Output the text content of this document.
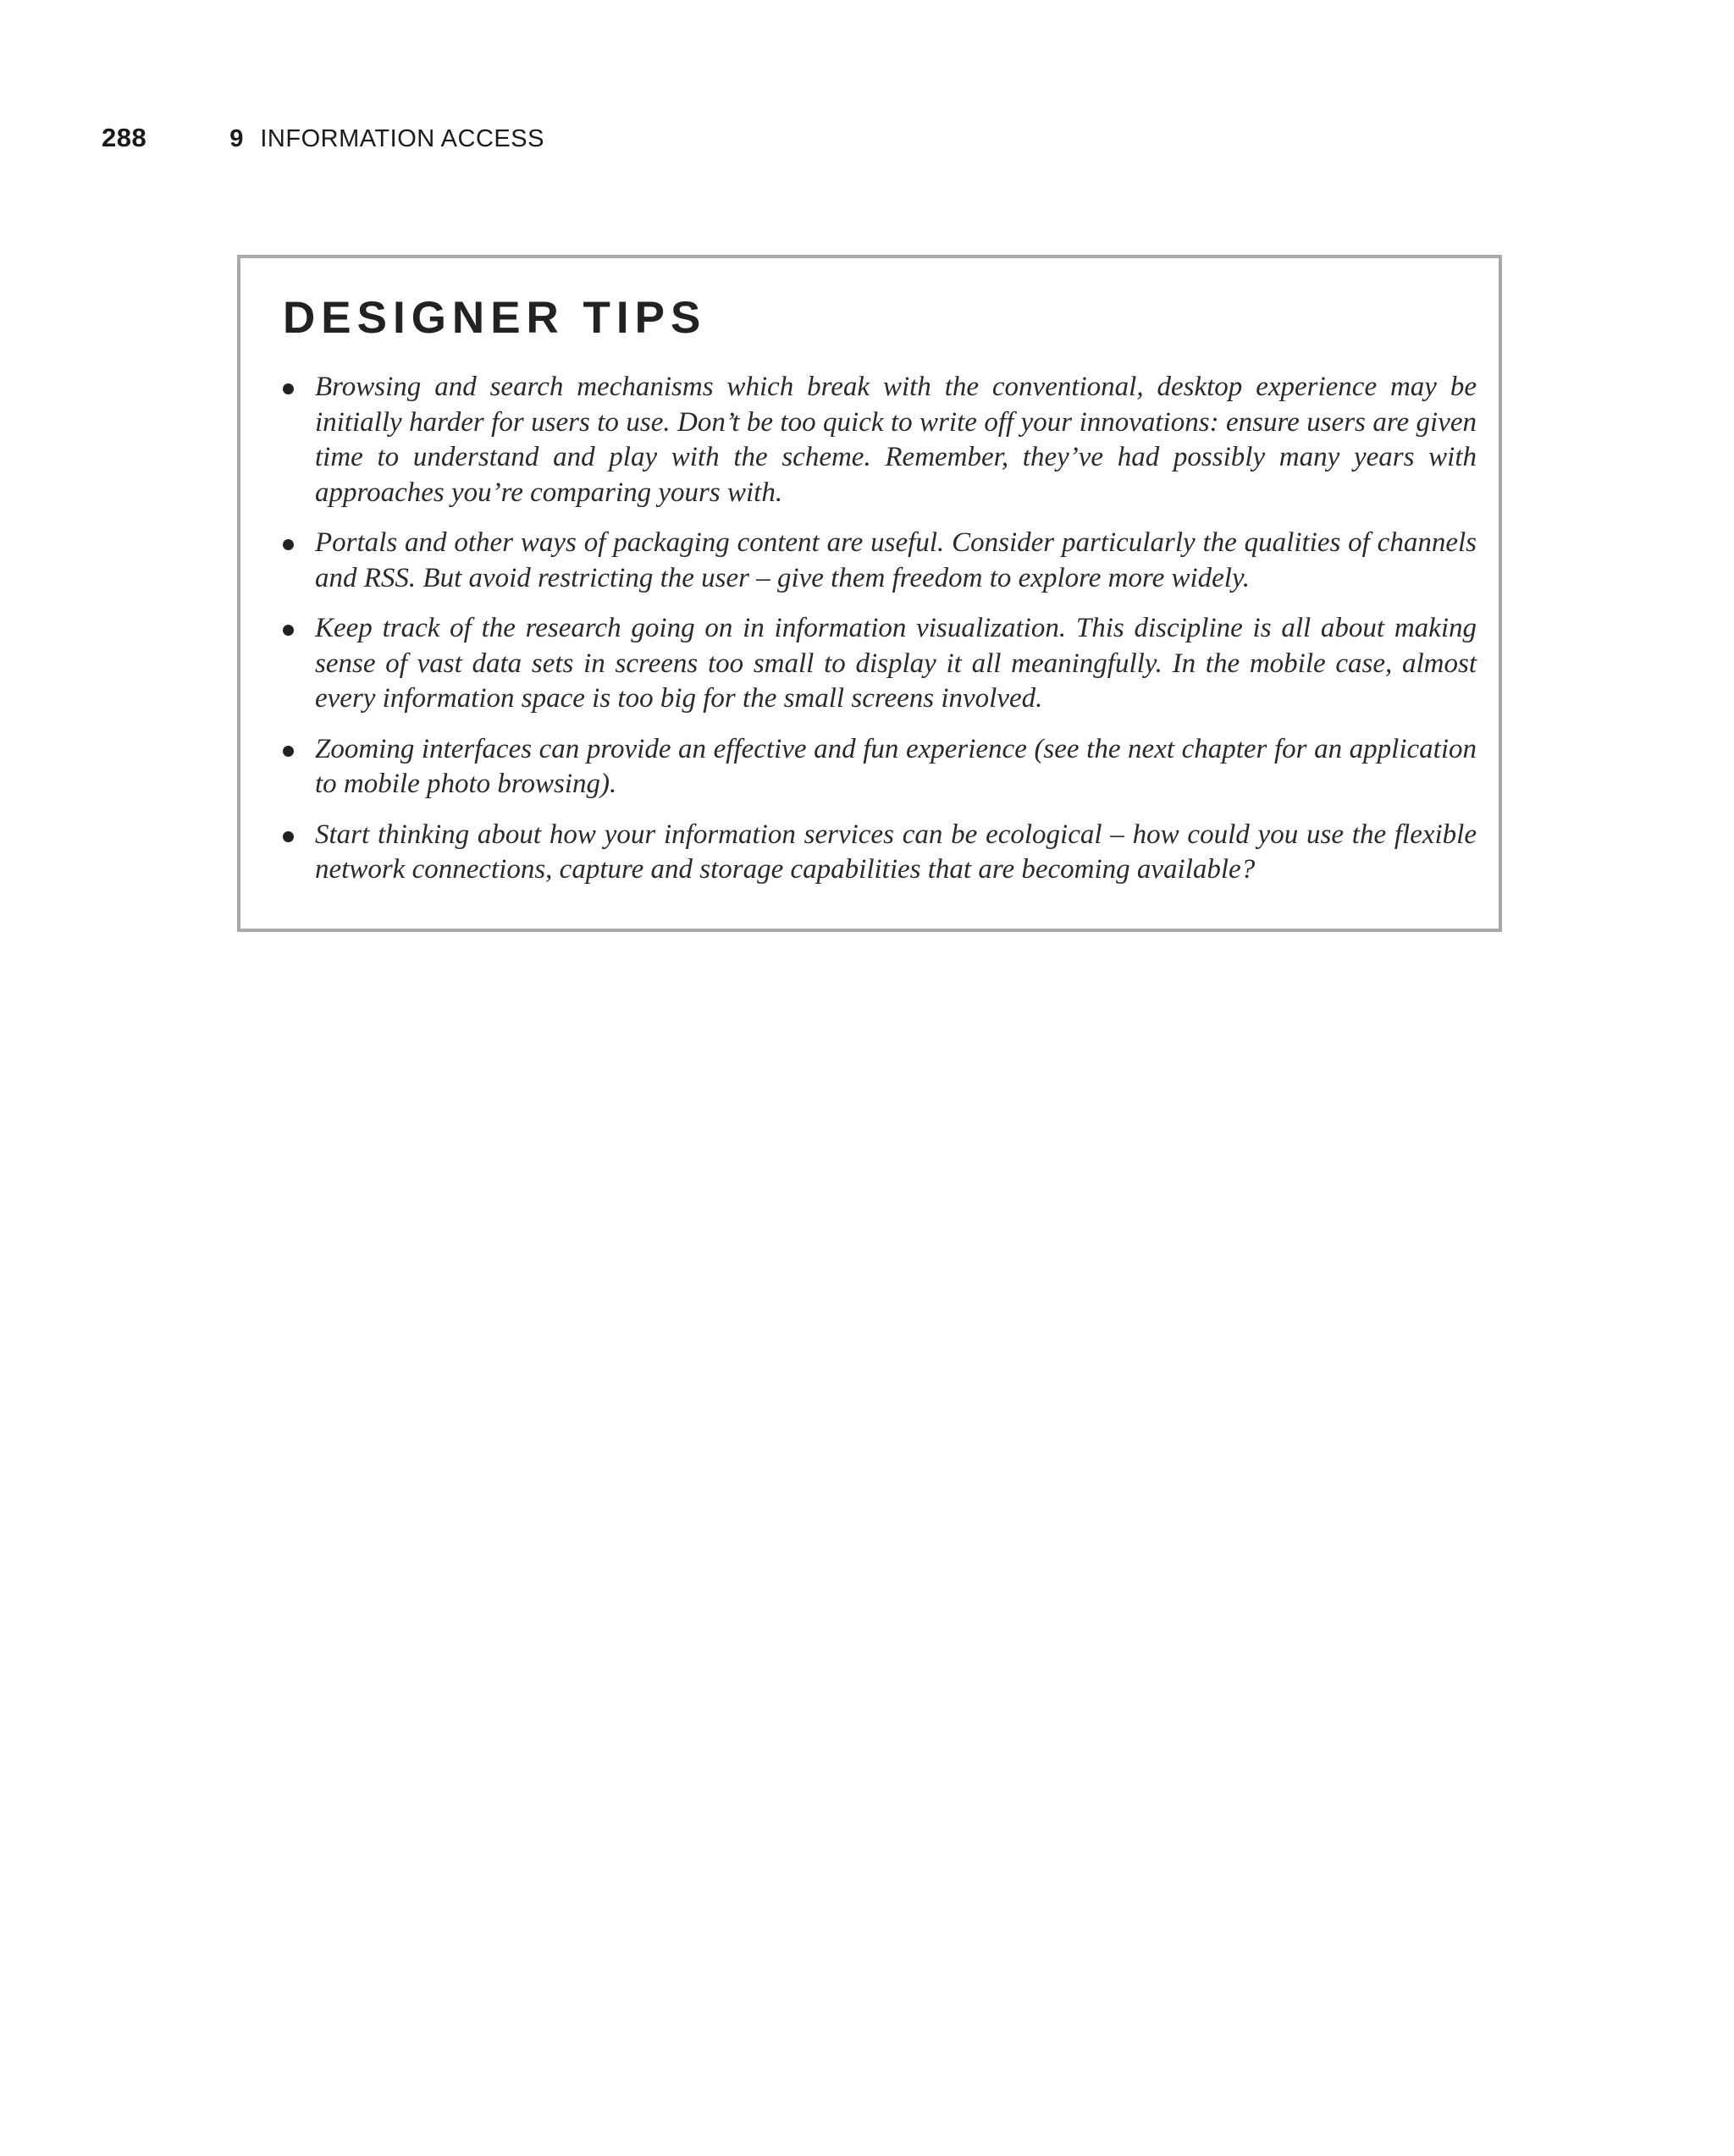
288	9 INFORMATION ACCESS
DESIGNER TIPS
Browsing and search mechanisms which break with the conventional, desktop experience may be initially harder for users to use. Don’t be too quick to write off your innovations: ensure users are given time to understand and play with the scheme. Remember, they’ve had possibly many years with approaches you’re comparing yours with.
Portals and other ways of packaging content are useful. Consider particularly the qualities of channels and RSS. But avoid restricting the user – give them freedom to explore more widely.
Keep track of the research going on in information visualization. This discipline is all about making sense of vast data sets in screens too small to display it all meaningfully. In the mobile case, almost every information space is too big for the small screens involved.
Zooming interfaces can provide an effective and fun experience (see the next chapter for an application to mobile photo browsing).
Start thinking about how your information services can be ecological – how could you use the flexible network connections, capture and storage capabilities that are becoming available?
